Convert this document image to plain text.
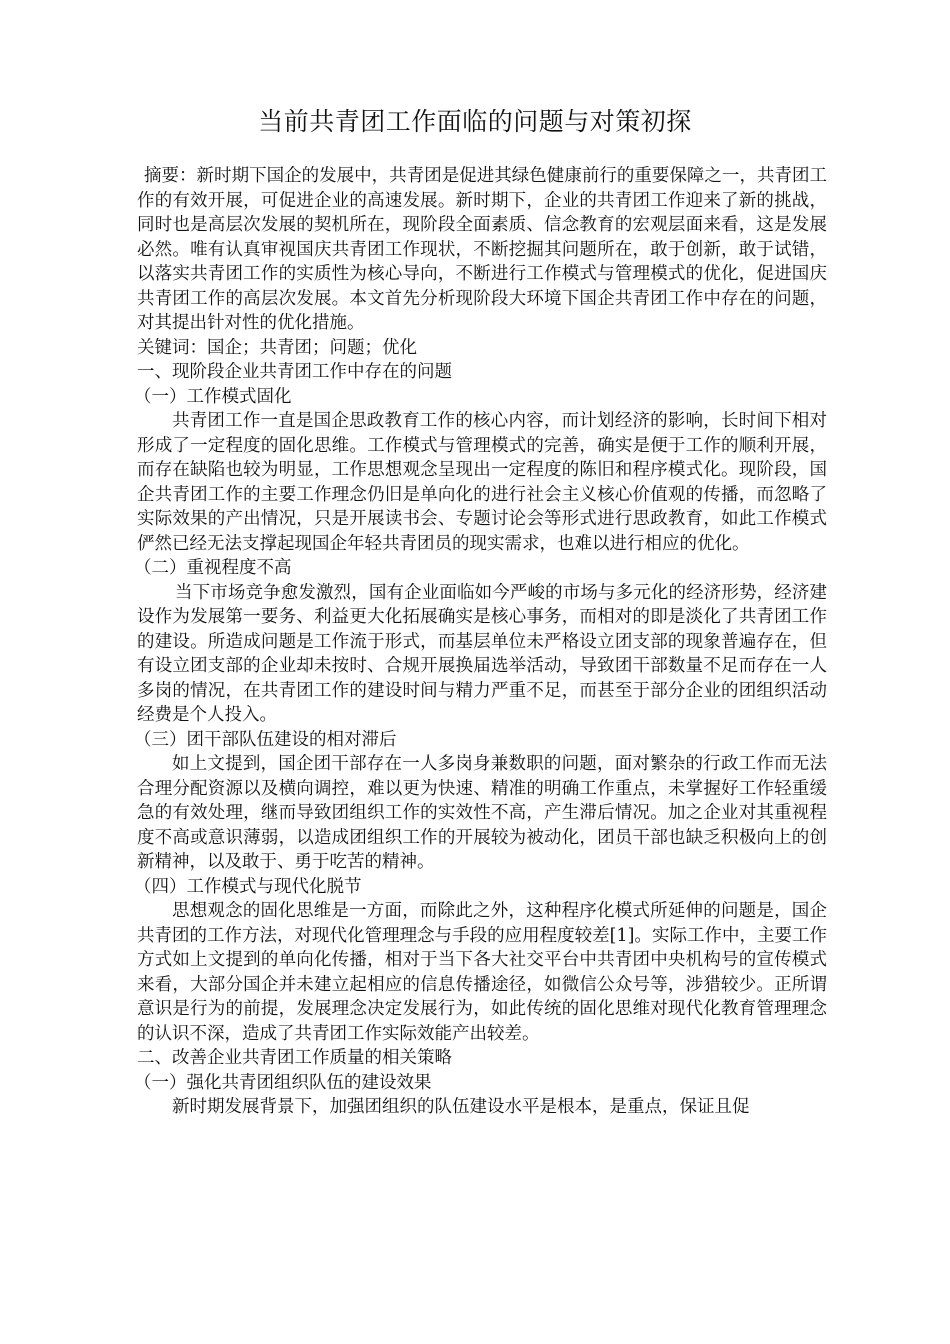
当前共青团工作面临的问题与对策初探

摘要：新时期下国企的发展中，共青团是促进其绿色健康前行的重要保障之一，共青团工作的有效开展，可促进企业的高速发展。新时期下，企业的共青团工作迎来了新的挑战，同时也是高层次发展的契机所在，现阶段全面素质、信念教育的宏观层面来看，这是发展必然。唯有认真审视国庆共青团工作现状，不断挖掘其问题所在，敢于创新，敢于试错，以落实共青团工作的实质性为核心导向，不断进行工作模式与管理模式的优化，促进国庆共青团工作的高层次发展。本文首先分析现阶段大环境下国企共青团工作中存在的问题，对其提出针对性的优化措施。

关键词：国企；共青团；问题；优化

一、现阶段企业共青团工作中存在的问题

（一）工作模式固化

共青团工作一直是国企思政教育工作的核心内容，而计划经济的影响，长时间下相对形成了一定程度的固化思维。工作模式与管理模式的完善，确实是便于工作的顺利开展，而存在缺陷也较为明显，工作思想观念呈现出一定程度的陈旧和程序模式化。现阶段，国企共青团工作的主要工作理念仍旧是单向化的进行社会主义核心价值观的传播，而忽略了实际效果的产出情况，只是开展读书会、专题讨论会等形式进行思政教育，如此工作模式俨然已经无法支撑起现国企年轻共青团员的现实需求，也难以进行相应的优化。

（二）重视程度不高

当下市场竞争愈发激烈，国有企业面临如今严峻的市场与多元化的经济形势，经济建设作为发展第一要务、利益更大化拓展确实是核心事务，而相对的即是淡化了共青团工作的建设。所造成问题是工作流于形式，而基层单位未严格设立团支部的现象普遍存在，但有设立团支部的企业却未按时、合规开展换届选举活动，导致团干部数量不足而存在一人多岗的情况，在共青团工作的建设时间与精力严重不足，而甚至于部分企业的团组织活动经费是个人投入。

（三）团干部队伍建设的相对滞后

如上文提到，国企团干部存在一人多岗身兼数职的问题，面对繁杂的行政工作而无法合理分配资源以及横向调控，难以更为快速、精准的明确工作重点，未掌握好工作轻重缓急的有效处理，继而导致团组织工作的实效性不高，产生滞后情况。加之企业对其重视程度不高或意识薄弱，以造成团组织工作的开展较为被动化，团员干部也缺乏积极向上的创新精神，以及敢于、勇于吃苦的精神。

（四）工作模式与现代化脱节

思想观念的固化思维是一方面，而除此之外，这种程序化模式所延伸的问题是，国企共青团的工作方法，对现代化管理理念与手段的应用程度较差[1]。实际工作中，主要工作方式如上文提到的单向化传播，相对于当下各大社交平台中共青团中央机构号的宣传模式来看，大部分国企并未建立起相应的信息传播途径，如微信公众号等，涉猎较少。正所谓意识是行为的前提，发展理念决定发展行为，如此传统的固化思维对现代化教育管理理念的认识不深，造成了共青团工作实际效能产出较差。

二、改善企业共青团工作质量的相关策略

（一）强化共青团组织队伍的建设效果

新时期发展背景下，加强团组织的队伍建设水平是根本，是重点，保证且促
